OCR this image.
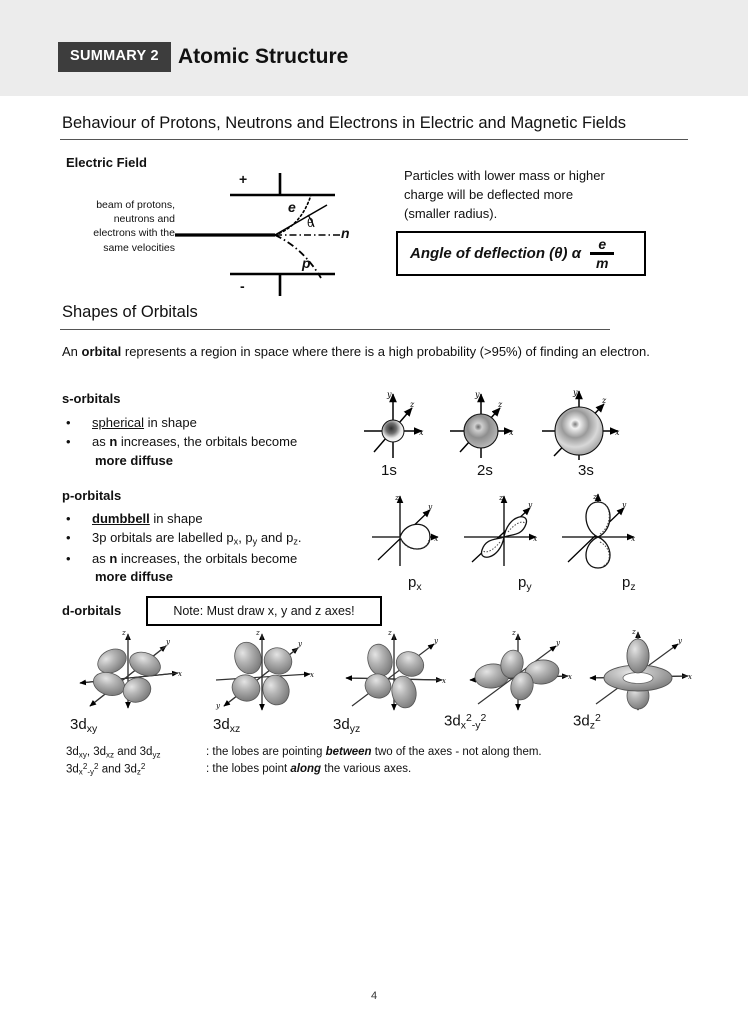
SUMMARY 2 Atomic Structure
Behaviour of Protons, Neutrons and Electrons in Electric and Magnetic Fields
Electric Field
beam of protons,
neutrons and
electrons with the
same velocities
+
-
e
n
p
θ
Particles with lower mass or higher
charge will be deflected more
(smaller radius).
Angle of deflection (θ) α $\frac{e}{m}$
Shapes of Orbitals
An orbital represents a region in space where there is a high probability (>95%) of finding an electron.
s-orbitals
• spherical in shape
• as n increases, the orbitals become
more diffuse
x
y
z
x
y
z
x
y
z
1s	2s	3s
p-orbitals
• dumbbell in shape
• 3p orbitals are labelled $p_x$, $p_y$ and $p_z$.
• as n increases, the orbitals become
more diffuse
x
z
y
x
z
y
x
z
y
$p_x$	$p_y$	$p_z$
d-orbitals	Note: Must draw x, y and z axes!
z
y
x
z
y
x
y
z
y
x
z
y
x
z
y
x
$3d_{xy}$	$3d_{xz}$	$3d_{yz}$	$3d_x^2_{-y}^2$	$3d_z^2$
$3d_{xy}$, $3d_{xz}$ and $3d_{yz}$	: the lobes are pointing between two of the axes - not along them.
$3d_x^2_{-y}^2$ and $3d_z^2$	: the lobes point along the various axes.
4
